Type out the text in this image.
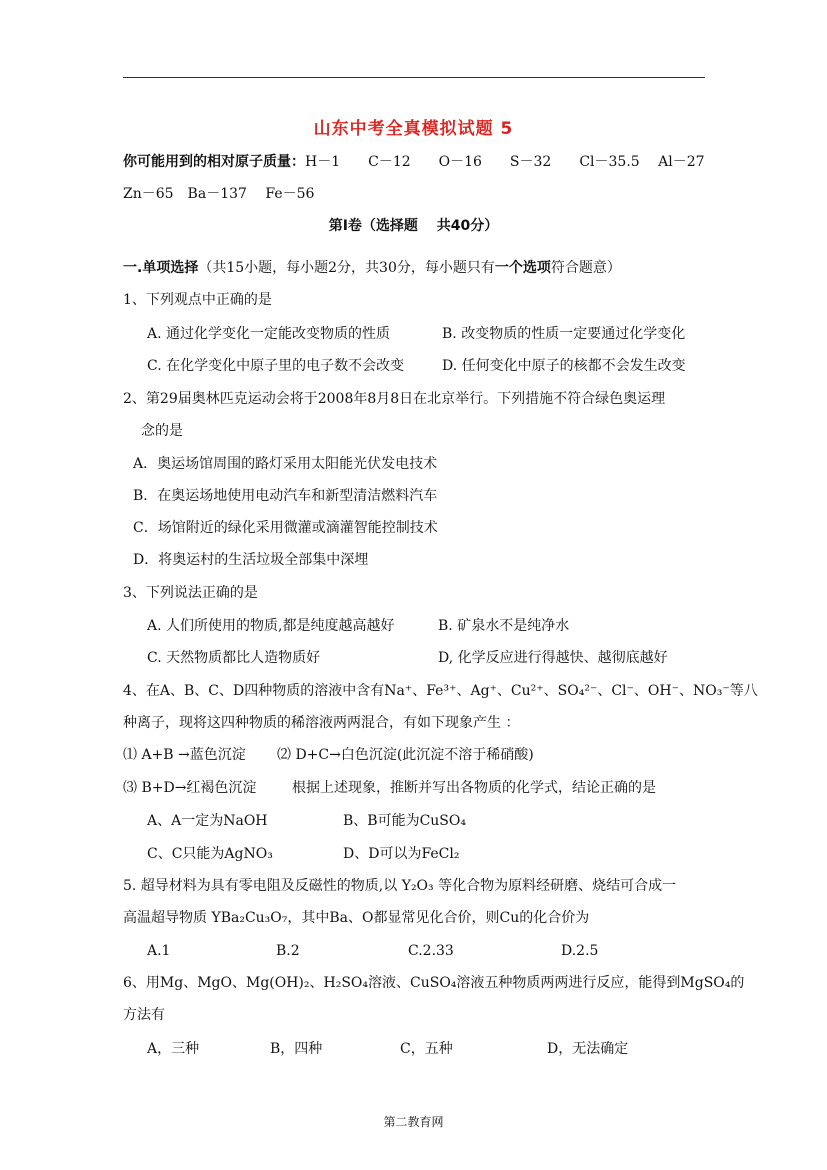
山东中考全真模拟试题 5
你可能用到的相对原子质量：H－1　　C－12　　O－16　　S－32　　Cl－35.5　 Al－27
Zn－65　Ba－137　 Fe－56
第Ⅰ卷（选择题　 共40分）
一.单项选择（共15小题，每小题2分，共30分，每小题只有一个选项符合题意）
1、下列观点中正确的是
A. 通过化学变化一定能改变物质的性质	B. 改变物质的性质一定要通过化学变化
C. 在化学变化中原子里的电子数不会改变	D. 任何变化中原子的核都不会发生改变
2、第29届奥林匹克运动会将于2008年8月8日在北京举行。下列措施不符合绿色奥运理
念的是
A．奥运场馆周围的路灯采用太阳能光伏发电技术
B．在奥运场地使用电动汽车和新型清洁燃料汽车
C．场馆附近的绿化采用微灌或滴灌智能控制技术
D．将奥运村的生活垃圾全部集中深埋
3、下列说法正确的是
A. 人们所使用的物质,都是纯度越高越好	B. 矿泉水不是纯净水
C. 天然物质都比人造物质好	D, 化学反应进行得越快、越彻底越好
4、在A、B、C、D四种物质的溶液中含有Na⁺、Fe³⁺、Ag⁺、Cu²⁺、SO₄²⁻、Cl⁻、OH⁻、NO₃⁻等八
种离子，现将这四种物质的稀溶液两两混合，有如下现象产生 ：
⑴ A+B →蓝色沉淀 ⑵ D+C→白色沉淀(此沉淀不溶于稀硝酸)
⑶ B+D→红褐色沉淀	根据上述现象，推断并写出各物质的化学式，结论正确的是
A、A一定为NaOH	B、B可能为CuSO₄
C、C只能为AgNO₃	D、D可以为FeCl₂
5. 超导材料为具有零电阻及反磁性的物质,以 Y₂O₃ 等化合物为原料经研磨、烧结可合成一
高温超导物质 YBa₂Cu₃O₇，其中Ba、O都显常见化合价，则Cu的化合价为
A.1	B.2	C.2.33	D.2.5
6、用Mg、MgO、Mg(OH)₂、H₂SO₄溶液、CuSO₄溶液五种物质两两进行反应，能得到MgSO₄的
方法有
A，三种	B，四种	C，五种	D，无法确定
第二教育网
